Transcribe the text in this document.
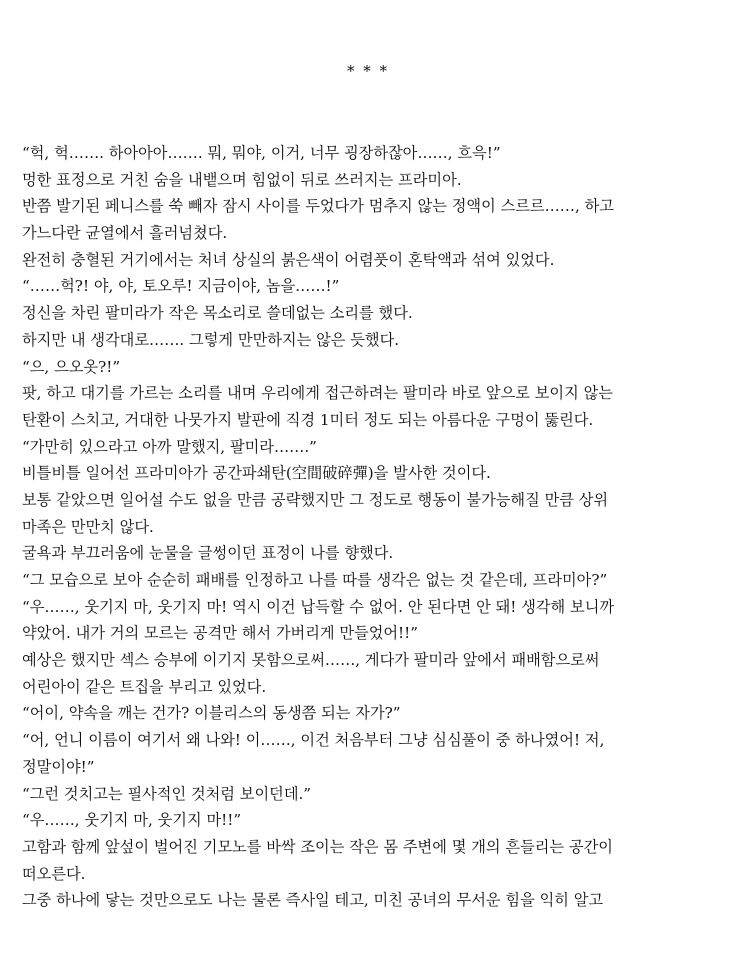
* * *
“헉, 헉……. 하아아아……. 뭐, 뭐야, 이거, 너무 굉장하잖아……, 흐윽!”
멍한 표정으로 거친 숨을 내뱉으며 힘없이 뒤로 쓰러지는 프라미아.
반쯤 발기된 페니스를 쑥 빼자 잠시 사이를 두었다가 멈추지 않는 정액이 스르르……, 하고
가느다란 균열에서 흘러넘쳤다.
완전히 충혈된 거기에서는 처녀 상실의 붉은색이 어렴풋이 혼탁액과 섞여 있었다.
“……헉?! 야, 야, 토오루! 지금이야, 놈을……!”
정신을 차린 팔미라가 작은 목소리로 쓸데없는 소리를 했다.
하지만 내 생각대로……. 그렇게 만만하지는 않은 듯했다.
“으, 으오옷?!”
팟, 하고 대기를 가르는 소리를 내며 우리에게 접근하려는 팔미라 바로 앞으로 보이지 않는
탄환이 스치고, 거대한 나뭇가지 발판에 직경 1미터 정도 되는 아름다운 구멍이 뚫린다.
“가만히 있으라고 아까 말했지, 팔미라…….”
비틀비틀 일어선 프라미아가 공간파쇄탄(空間破碎彈)을 발사한 것이다.
보통 같았으면 일어설 수도 없을 만큼 공략했지만 그 정도로 행동이 불가능해질 만큼 상위
마족은 만만치 않다.
굴욕과 부끄러움에 눈물을 글썽이던 표정이 나를 향했다.
“그 모습으로 보아 순순히 패배를 인정하고 나를 따를 생각은 없는 것 같은데, 프라미아?”
“우……, 웃기지 마, 웃기지 마! 역시 이건 납득할 수 없어. 안 된다면 안 돼! 생각해 보니까
약았어. 내가 거의 모르는 공격만 해서 가버리게 만들었어!!”
예상은 했지만 섹스 승부에 이기지 못함으로써……, 게다가 팔미라 앞에서 패배함으로써
어린아이 같은 트집을 부리고 있었다.
“어이, 약속을 깨는 건가? 이블리스의 동생쯤 되는 자가?”
“어, 언니 이름이 여기서 왜 나와! 이……, 이건 처음부터 그냥 심심풀이 중 하나였어! 저,
정말이야!”
“그런 것치고는 필사적인 것처럼 보이던데.”
“우……, 웃기지 마, 웃기지 마!!”
고함과 함께 앞섶이 벌어진 기모노를 바싹 조이는 작은 몸 주변에 몇 개의 흔들리는 공간이
떠오른다.
그중 하나에 닿는 것만으로도 나는 물론 즉사일 테고, 미친 공녀의 무서운 힘을 익히 알고
